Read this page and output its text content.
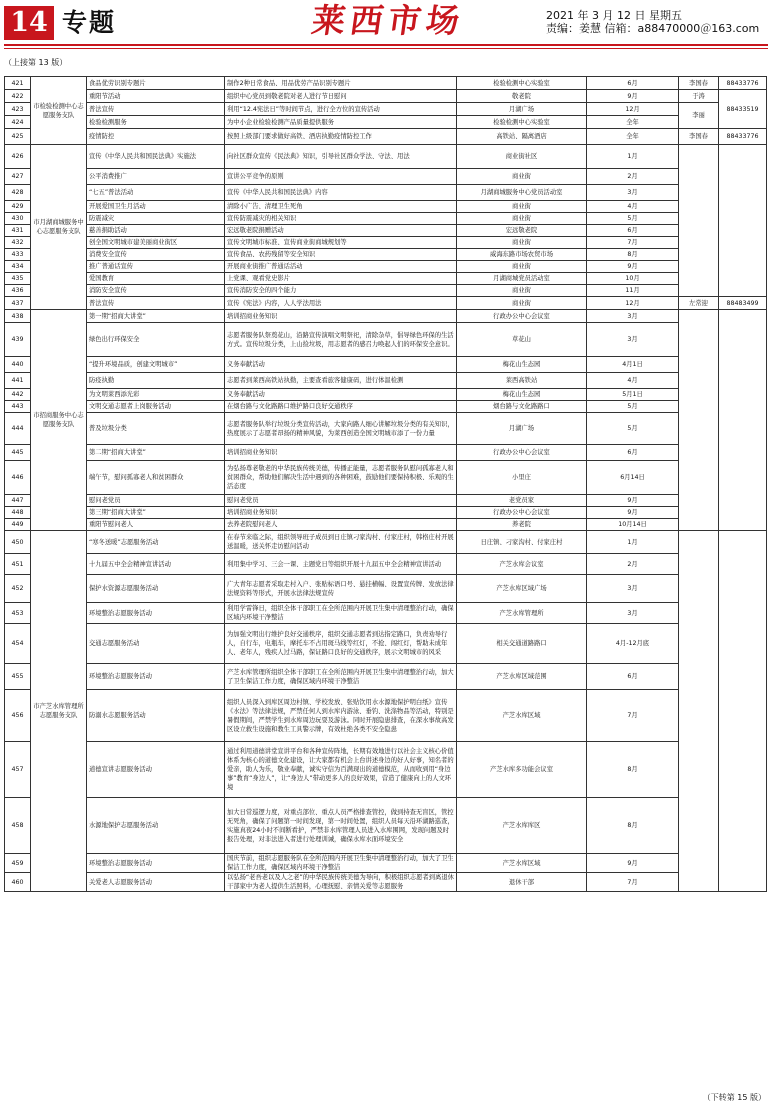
14 专题	莱西市场	2021 年 3 月 12 日 星期五
责编：姜慧 信箱：a88470000＠163.com
（上接第 13 版）
421	市检验检测中心志愿服务支队	食品优劳识别专题片	制作2种日常食品、用品优劳产品识别专题片	检验检测中心实验室	6月	李国春	88433776
422		重阳节活动	组织中心党员到敬老院对老人进行节日慰问	敬老院	9月	于涛	88433519
423		普法宣传	利用“12.4宪法日”等时间节点，进行全方位的宣传活动	月湖广场	12月	李丽	
424		检验检测服务	为中小企业检验检测产品质量提供服务	检验检测中心实验室	全年		
425		疫情防控	按照上级部门要求做好高铁、酒店执勤疫情防控工作	高铁站、隔离酒店	全年	李国春	88433776
426	市月湖商城服务中心志愿服务支队	宣传《中华人民共和国民法典》实施法	向社区群众宣传《民法典》知识，引导社区群众学法、守法、用法	商业街社区	1月		
427		公平消费推广	宣讲公平竞争的原则	商业街	2月		
428		“七五”普法活动	宣传《中华人民共和国民法典》内容	月湖商城服务中心党员活动室	3月		
429		开展爱国卫生月活动	清除小广告、清理卫生死角	商业街	4月		
430		防震减灾	宣传防震减灾的相关知识	商业街	5月		
431		慈善捐助活动	宏远敬老院捐赠活动	宏远敬老院	6月		
432		创全国文明城市建美丽商业街区	宣传文明城市标准、宣传商业街商城规划等	商业街	7月		
433		消费安全宣传	宣传食品、农药残留等安全知识	威海东路市场农贸市场	8月		
434		推广普通话宣传	开展商业街推广普通话活动	商业街	9月		
435		爱国教育	上党课、观看党史影片	月湖商城党员活动室	10月		
436		消防安全宣传	宣传消防安全的四个能力	商业街	11月		
437		普法宣传	宣传《宪法》内容，人人学法用法	商业街	12月	左常迎	88483499
438	市招商服务中心志愿服务支队	第一期“招商大讲堂”	培训招商业务知识	行政办公中心会议室	3月		
439		绿色出行环保安全	志愿者服务队祭奠花山，沿路宣传演唱文明祭祀，清除杂草，倡导绿色环保的生活方式。宣传垃圾分类，上山捡垃圾，用志愿者的感召力唤起人们的环保安全意识。	草花山	3月		
440		“提升环境品质，创建文明城市”	义务奉献活动	梅花山生态园	4月1日		
441		防疫执勤	志愿者到莱西高铁站执勤，主要查看旅客健康码，进行体温检测	莱西高铁站	4月		
442		为文明莱西添光彩	义务奉献活动	梅花山生态园	5月1日		
443		文明交通志愿者上岗服务活动	在烟台路与文化路路口维护路口良好交通秩序	烟台路与文化路路口	5月		
444		普及垃圾分类	志愿者服务队举行垃圾分类宣传活动，大家向路人细心讲解垃圾分类的有关知识，热度展示了志愿者昂扬的精神风貌，为莱西创造全国文明城市添了一份力量	月湖广场	5月		
445		第二期“招商大讲堂”	培训招商业务知识	行政办公中心会议室	6月		
446		端午节，慰问孤寡老人和贫困群众	为弘扬尊老敬老的中华民族传统美德，传播正能量，志愿者服务队慰问孤寡老人和贫困群众，帮助他们解决生活中遇到的各种困难，鼓励他们要保持积极、乐观的生活态度	小里庄	6月14日		
447		慰问老党员	慰问老党员	老党员家	9月		
448		第三期“招商大讲堂”	培训招商业务知识	行政办公中心会议室	9月		
449		重阳节慰问老人	去养老院慰问老人	养老院	10月14日		
450	市产芝水库管理所志愿服务支队	“寒冬送暖”志愿服务活动	在春节来临之际，组织领导班子成员到日庄镇刁家沟村、付家庄村，韩格庄村开展送温暖，送关怀走访慰问活动	日庄镇、刁家沟村、付家庄村	1月		
451		十九届五中全会精神宣讲活动	利用集中学习、三会一课、主题党日等组织开展十九届五中全会精神宣讲活动	产芝水库会议室	2月		
452		保护水资源志愿服务活动	广大青年志愿者采取走村入户、张贴标语口号、悬挂横幅、设置宣传牌、发放法律法规资料等形式，开展水法律法规宣传	产芝水库区域广场	3月		
453		环境整治志愿服务活动	利用学雷锋日，组织全体干部职工在全所范围内开展卫生集中清理整治行动，确保区域内环境干净整洁	产芝水库管理所	3月		
454		交通志愿服务活动	为加强文明出行维护良好交通秩序，组织交通志愿者到达指定路口，负责劝导行人，自行车，电瓶车，摩托车不占用斑马线等红灯，不抢、闯红灯，帮助未成年人、老年人，残疾人过马路，保证路口良好的交通秩序，展示文明城市的风采	相关交通道路路口	4月-12月底		
455		环境整治志愿服务活动	产芝水库管理所组织全体干部职工在全所范围内开展卫生集中清理整治行动，加大了卫生保洁工作力度，确保区域内环境干净整洁	产芝水库区域范围	6月		
456		防溺水志愿服务活动	组织人员深入到库区周边村镇、学校发放、张贴饮用水水源地保护明白纸》宣传《水法》等法律法规，严禁任何人到水库内游泳、垂钓、洗涤物品等活动，特别是暑假期间，严禁学生到水库周边玩耍及游泳。同时开展隐患排查，在深水事故高发区设立救生设施和教生工具警示牌，有效杜绝各类不安全隐患	产芝水库区域	7月		
457		道德宣讲志愿服务活动	通过利用道德讲堂宣讲平台和各种宣传阵地，长期有效地进行以社会主义核心价值体系为核心的道德文化建设，让大家都有机会上台讲述身边的好人好事，知名者的爱亲，助人为乐，敬业奉献，诚实守信为百满现出的道德模范，从而收到用“身边事”教育“身边人”，让“身边人”带动更多人的良好效果，营造了健康向上的人文环境	产芝水库多功能会议室	8月		
458		水源地保护志愿服务活动	加大日常巡逻力度，对重点部位、重点人员严格排查管控，做到持查无盲区，管控无死角，确保了问题第一时间发现，第一时间处置，组织人员每天沿环湖路巡查，实施真夜24小时不间断看护，严禁非水库管理人员进入水库围网，发现问题及时报告处理，对非法进入者进行处理训诫，确保水库水面环境安全	产芝水库库区	8月		
459		环境整治志愿服务活动	国庆节前，组织志愿服务队在全所范围内开展卫生集中清理整治行动，加大了卫生保洁工作力度，确保区域内环境干净整洁	产芝水库区域	9月		
460		关爱老人志愿服务活动	以弘扬“老吾老以及人之老”的中华民族传统美德为导向，积极组织志愿者到离退休干部家中为老人提供生活照料，心理抚慰、亲情关爱等志愿服务	退休干部	7月		
（下转第 15 版）
